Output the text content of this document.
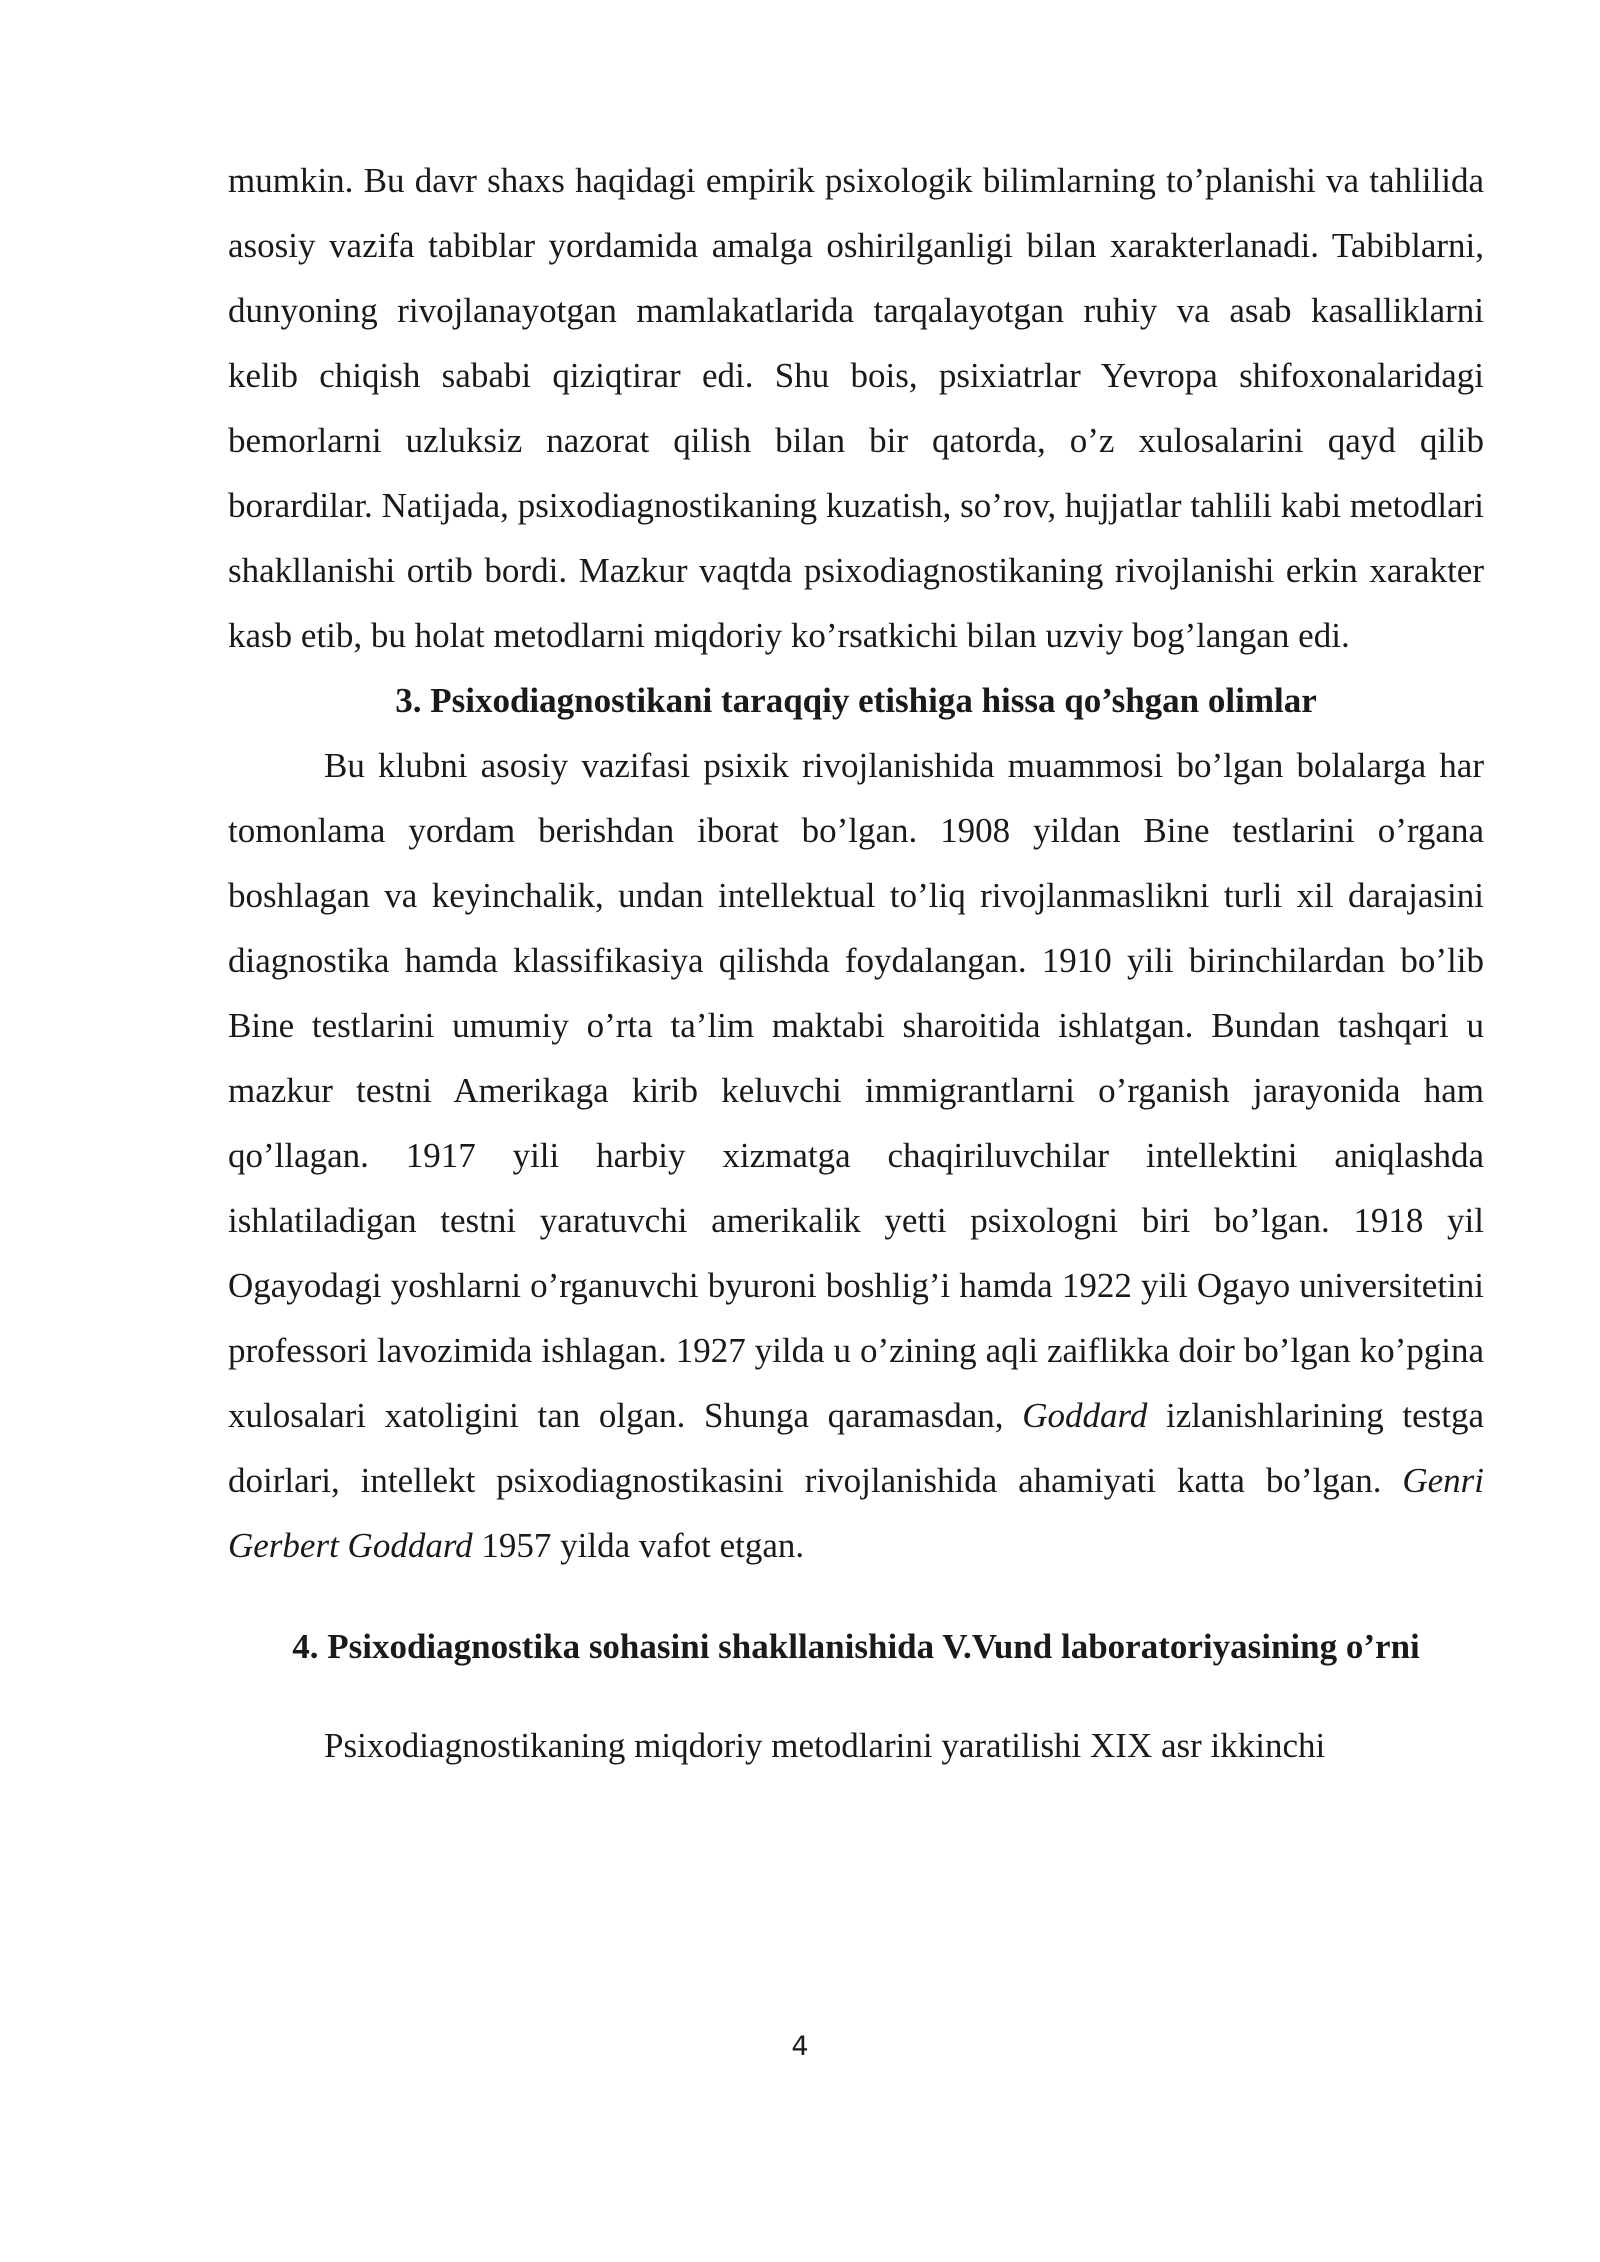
mumkin. Bu davr shaxs haqidagi empirik psixologik bilimlarning to’planishi va tahlilida asosiy vazifa tabiblar yordamida amalga oshirilganligi bilan xarakterlanadi. Tabiblarni, dunyoning rivojlanayotgan mamlakatlarida tarqalayotgan ruhiy va asab kasalliklarni kelib chiqish sababi qiziqtirar edi. Shu bois, psixiatrlar Yevropa shifoxonalaridagi bemorlarni uzluksiz nazorat qilish bilan bir qatorda, o’z xulosalarini qayd qilib borardilar. Natijada, psixodiagnostikaning kuzatish, so’rov, hujjatlar tahlili kabi metodlari shakllanishi ortib bordi. Mazkur vaqtda psixodiagnostikaning rivojlanishi erkin xarakter kasb etib, bu holat metodlarni miqdoriy ko’rsatkichi bilan uzviy bog’langan edi.

3. Psixodiagnostikani taraqqiy etishiga hissa qo’shgan olimlar

Bu klubni asosiy vazifasi psixik rivojlanishida muammosi bo’lgan bolalarga har tomonlama yordam berishdan iborat bo’lgan. 1908 yildan Bine testlarini o’rgana boshlagan va keyinchalik, undan intellektual to’liq rivojlanmaslikni turli xil darajasini diagnostika hamda klassifikasiya qilishda foydalangan. 1910 yili birinchilardan bo’lib Bine testlarini umumiy o’rta ta’lim maktabi sharoitida ishlatgan. Bundan tashqari u mazkur testni Amerikaga kirib keluvchi immigrantlarni o’rganish jarayonida ham qo’llagan. 1917 yili harbiy xizmatga chaqiriluvchilar intellektini aniqlashda ishlatiladigan testni yaratuvchi amerikalik yetti psixologni biri bo’lgan. 1918 yil Ogayodagi yoshlarni o’rganuvchi byuroni boshlig’i hamda 1922 yili Ogayo universitetini professori lavozimida ishlagan. 1927 yilda u o’zining aqli zaiflikka doir bo’lgan ko’pgina xulosalari xatoligini tan olgan. Shunga qaramasdan, Goddard izlanishlarining testga doirlari, intellekt psixodiagnostikasini rivojlanishida ahamiyati katta bo’lgan. Genri Gerbert Goddard 1957 yilda vafot etgan.

4. Psixodiagnostika sohasini shakllanishida V.Vund laboratoriyasining o’rni

Psixodiagnostikaning miqdoriy metodlarini yaratilishi XIX asr ikkinchi

4
